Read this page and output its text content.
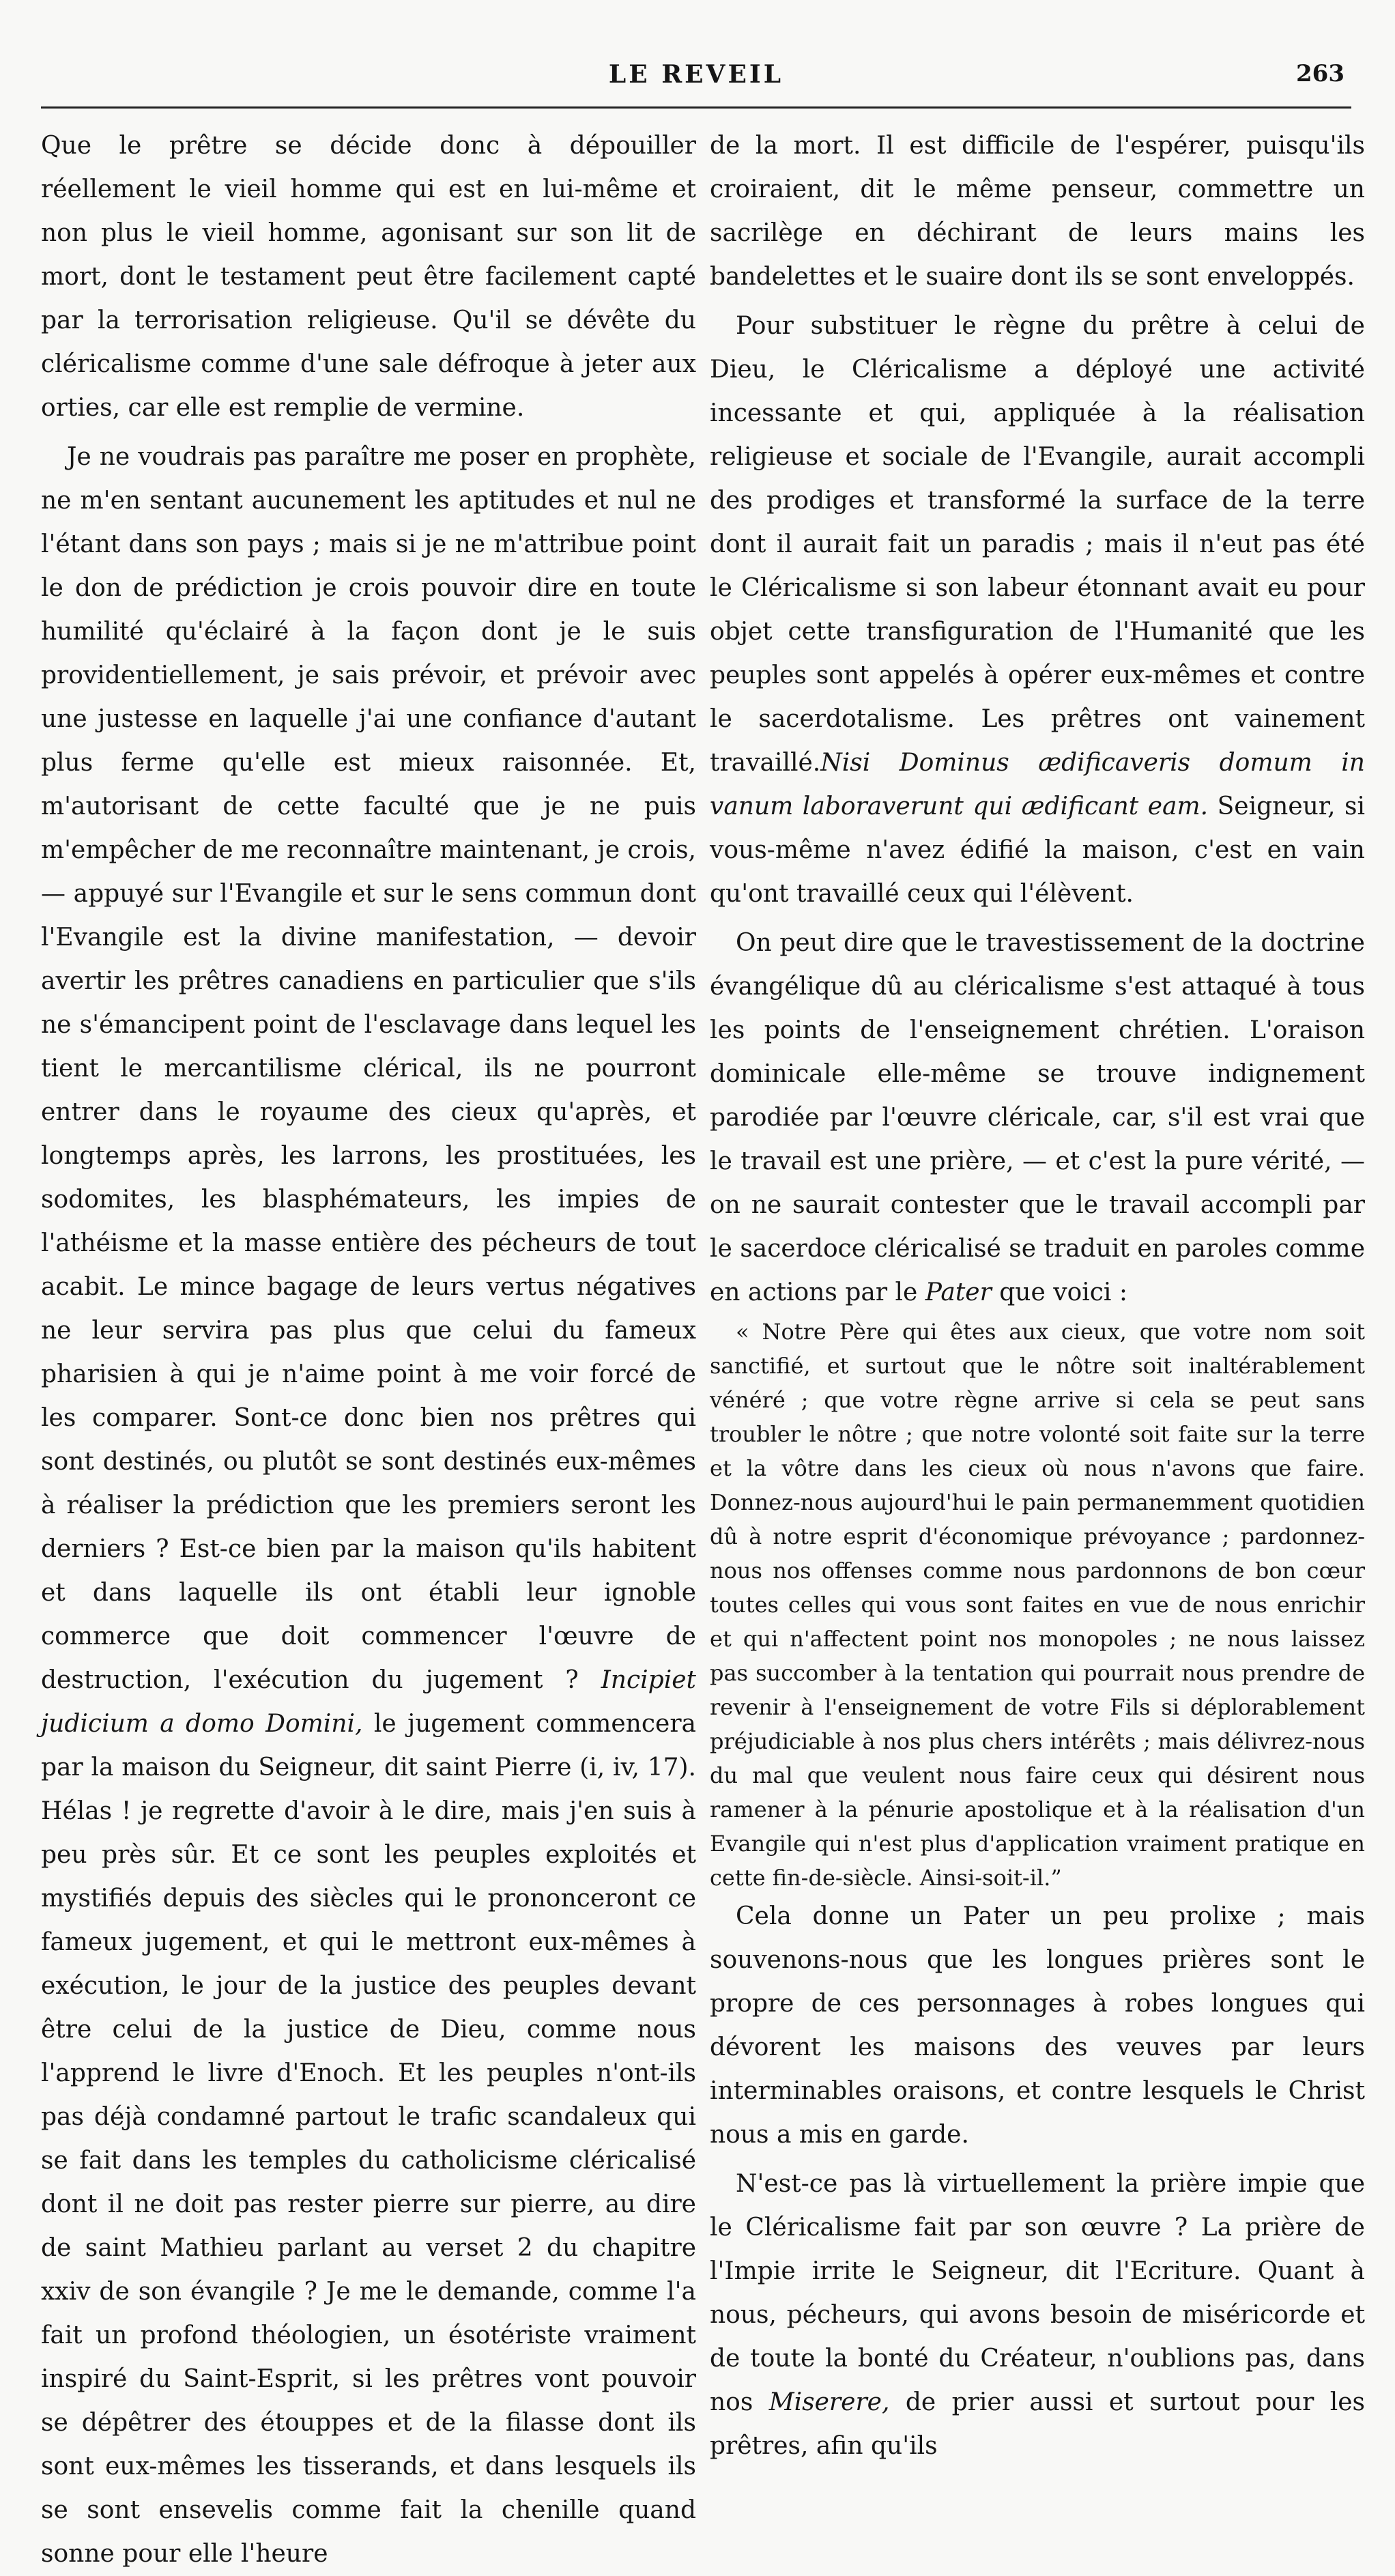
LE REVEIL	263

Que le prêtre se décide donc à dépouiller réellement le vieil homme qui est en lui-même et non plus le vieil homme, agonisant sur son lit de mort, dont le testament peut être facilement capté par la terrorisation religieuse. Qu'il se dévête du cléricalisme comme d'une sale défroque à jeter aux orties, car elle est remplie de vermine.

Je ne voudrais pas paraître me poser en prophète, ne m'en sentant aucunement les aptitudes et nul ne l'étant dans son pays ; mais si je ne m'attribue point le don de prédiction je crois pouvoir dire en toute humilité qu'éclairé à la façon dont je le suis providentiellement, je sais prévoir, et prévoir avec une justesse en laquelle j'ai une confiance d'autant plus ferme qu'elle est mieux raisonnée. Et, m'autorisant de cette faculté que je ne puis m'empêcher de me reconnaître maintenant, je crois, — appuyé sur l'Evangile et sur le sens commun dont l'Evangile est la divine manifestation, — devoir avertir les prêtres canadiens en particulier que s'ils ne s'émancipent point de l'esclavage dans lequel les tient le mercantilisme clérical, ils ne pourront entrer dans le royaume des cieux qu'après, et longtemps après, les larrons, les prostituées, les sodomites, les blasphémateurs, les impies de l'athéisme et la masse entière des pécheurs de tout acabit. Le mince bagage de leurs vertus négatives ne leur servira pas plus que celui du fameux pharisien à qui je n'aime point à me voir forcé de les comparer. Sont-ce donc bien nos prêtres qui sont destinés, ou plutôt se sont destinés eux-mêmes à réaliser la prédiction que les premiers seront les derniers ? Est-ce bien par la maison qu'ils habitent et dans laquelle ils ont établi leur ignoble commerce que doit commencer l'œuvre de destruction, l'exécution du jugement ? Incipiet judicium a domo Domini, le jugement commencera par la maison du Seigneur, dit saint Pierre (i, iv, 17). Hélas ! je regrette d'avoir à le dire, mais j'en suis à peu près sûr. Et ce sont les peuples exploités et mystifiés depuis des siècles qui le prononceront ce fameux jugement, et qui le mettront eux-mêmes à exécution, le jour de la justice des peuples devant être celui de la justice de Dieu, comme nous l'apprend le livre d'Enoch. Et les peuples n'ont-ils pas déjà condamné partout le trafic scandaleux qui se fait dans les temples du catholicisme cléricalisé dont il ne doit pas rester pierre sur pierre, au dire de saint Mathieu parlant au verset 2 du chapitre xxiv de son évangile ? Je me le demande, comme l'a fait un profond théologien, un ésotériste vraiment inspiré du Saint-Esprit, si les prêtres vont pouvoir se dépêtrer des étouppes et de la filasse dont ils sont eux-mêmes les tisserands, et dans lesquels ils se sont ensevelis comme fait la chenille quand sonne pour elle l'heure

de la mort. Il est difficile de l'espérer, puisqu'ils croiraient, dit le même penseur, commettre un sacrilège en déchirant de leurs mains les bandelettes et le suaire dont ils se sont enveloppés.

Pour substituer le règne du prêtre à celui de Dieu, le Cléricalisme a déployé une activité incessante et qui, appliquée à la réalisation religieuse et sociale de l'Evangile, aurait accompli des prodiges et transformé la surface de la terre dont il aurait fait un paradis ; mais il n'eut pas été le Cléricalisme si son labeur étonnant avait eu pour objet cette transfiguration de l'Humanité que les peuples sont appelés à opérer eux-mêmes et contre le sacerdotalisme. Les prêtres ont vainement travaillé.Nisi Dominus ædificaveris domum in vanum laboraverunt qui ædificant eam. Seigneur, si vous-même n'avez édifié la maison, c'est en vain qu'ont travaillé ceux qui l'élèvent.

On peut dire que le travestissement de la doctrine évangélique dû au cléricalisme s'est attaqué à tous les points de l'enseignement chrétien. L'oraison dominicale elle-même se trouve indignement parodiée par l'œuvre cléricale, car, s'il est vrai que le travail est une prière, — et c'est la pure vérité, — on ne saurait contester que le travail accompli par le sacerdoce cléricalisé se traduit en paroles comme en actions par le Pater que voici :

« Notre Père qui êtes aux cieux, que votre nom soit sanctifié, et surtout que le nôtre soit inaltérablement vénéré ; que votre règne arrive si cela se peut sans troubler le nôtre ; que notre volonté soit faite sur la terre et la vôtre dans les cieux où nous n'avons que faire. Donnez-nous aujourd'hui le pain permanemment quotidien dû à notre esprit d'économique prévoyance ; pardonnez-nous nos offenses comme nous pardonnons de bon cœur toutes celles qui vous sont faites en vue de nous enrichir et qui n'affectent point nos monopoles ; ne nous laissez pas succomber à la tentation qui pourrait nous prendre de revenir à l'enseignement de votre Fils si déplorablement préjudiciable à nos plus chers intérêts ; mais délivrez-nous du mal que veulent nous faire ceux qui désirent nous ramener à la pénurie apostolique et à la réalisation d'un Evangile qui n'est plus d'application vraiment pratique en cette fin-de-siècle. Ainsi-soit-il.”

Cela donne un Pater un peu prolixe ; mais souvenons-nous que les longues prières sont le propre de ces personnages à robes longues qui dévorent les maisons des veuves par leurs interminables oraisons, et contre lesquels le Christ nous a mis en garde.

N'est-ce pas là virtuellement la prière impie que le Cléricalisme fait par son œuvre ? La prière de l'Impie irrite le Seigneur, dit l'Ecriture. Quant à nous, pécheurs, qui avons besoin de miséricorde et de toute la bonté du Créateur, n'oublions pas, dans nos Miserere, de prier aussi et surtout pour les prêtres, afin qu'ils
